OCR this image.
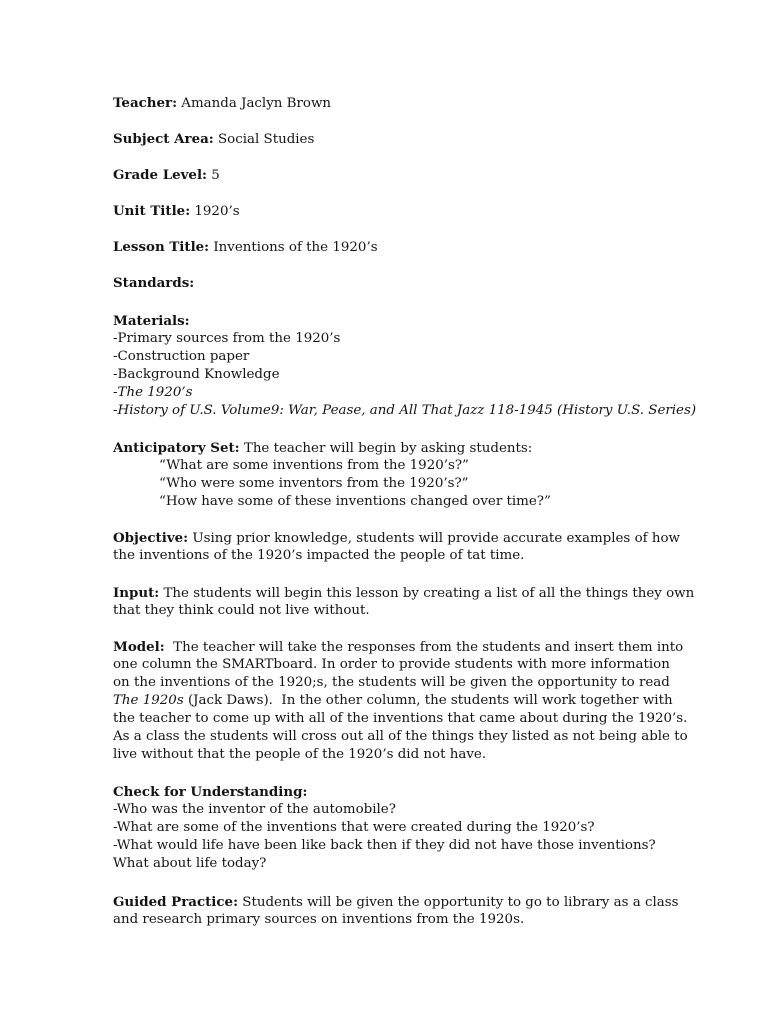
Teacher: Amanda Jaclyn Brown
Subject Area: Social Studies
Grade Level: 5
Unit Title: 1920’s
Lesson Title: Inventions of the 1920’s
Standards:
Materials:
-Primary sources from the 1920’s
-Construction paper
-Background Knowledge
-The 1920’s
-History of U.S. Volume9: War, Pease, and All That Jazz 118-1945 (History U.S. Series)
Anticipatory Set: The teacher will begin by asking students:
“What are some inventions from the 1920’s?”
“Who were some inventors from the 1920’s?”
“How have some of these inventions changed over time?”
Objective: Using prior knowledge, students will provide accurate examples of how
the inventions of the 1920’s impacted the people of tat time.
Input: The students will begin this lesson by creating a list of all the things they own
that they think could not live without.
Model:  The teacher will take the responses from the students and insert them into
one column the SMARTboard. In order to provide students with more information
on the inventions of the 1920;s, the students will be given the opportunity to read
The 1920s (Jack Daws).  In the other column, the students will work together with
the teacher to come up with all of the inventions that came about during the 1920’s.
As a class the students will cross out all of the things they listed as not being able to
live without that the people of the 1920’s did not have.
Check for Understanding:
-Who was the inventor of the automobile?
-What are some of the inventions that were created during the 1920’s?
-What would life have been like back then if they did not have those inventions?
What about life today?
Guided Practice: Students will be given the opportunity to go to library as a class
and research primary sources on inventions from the 1920s.
